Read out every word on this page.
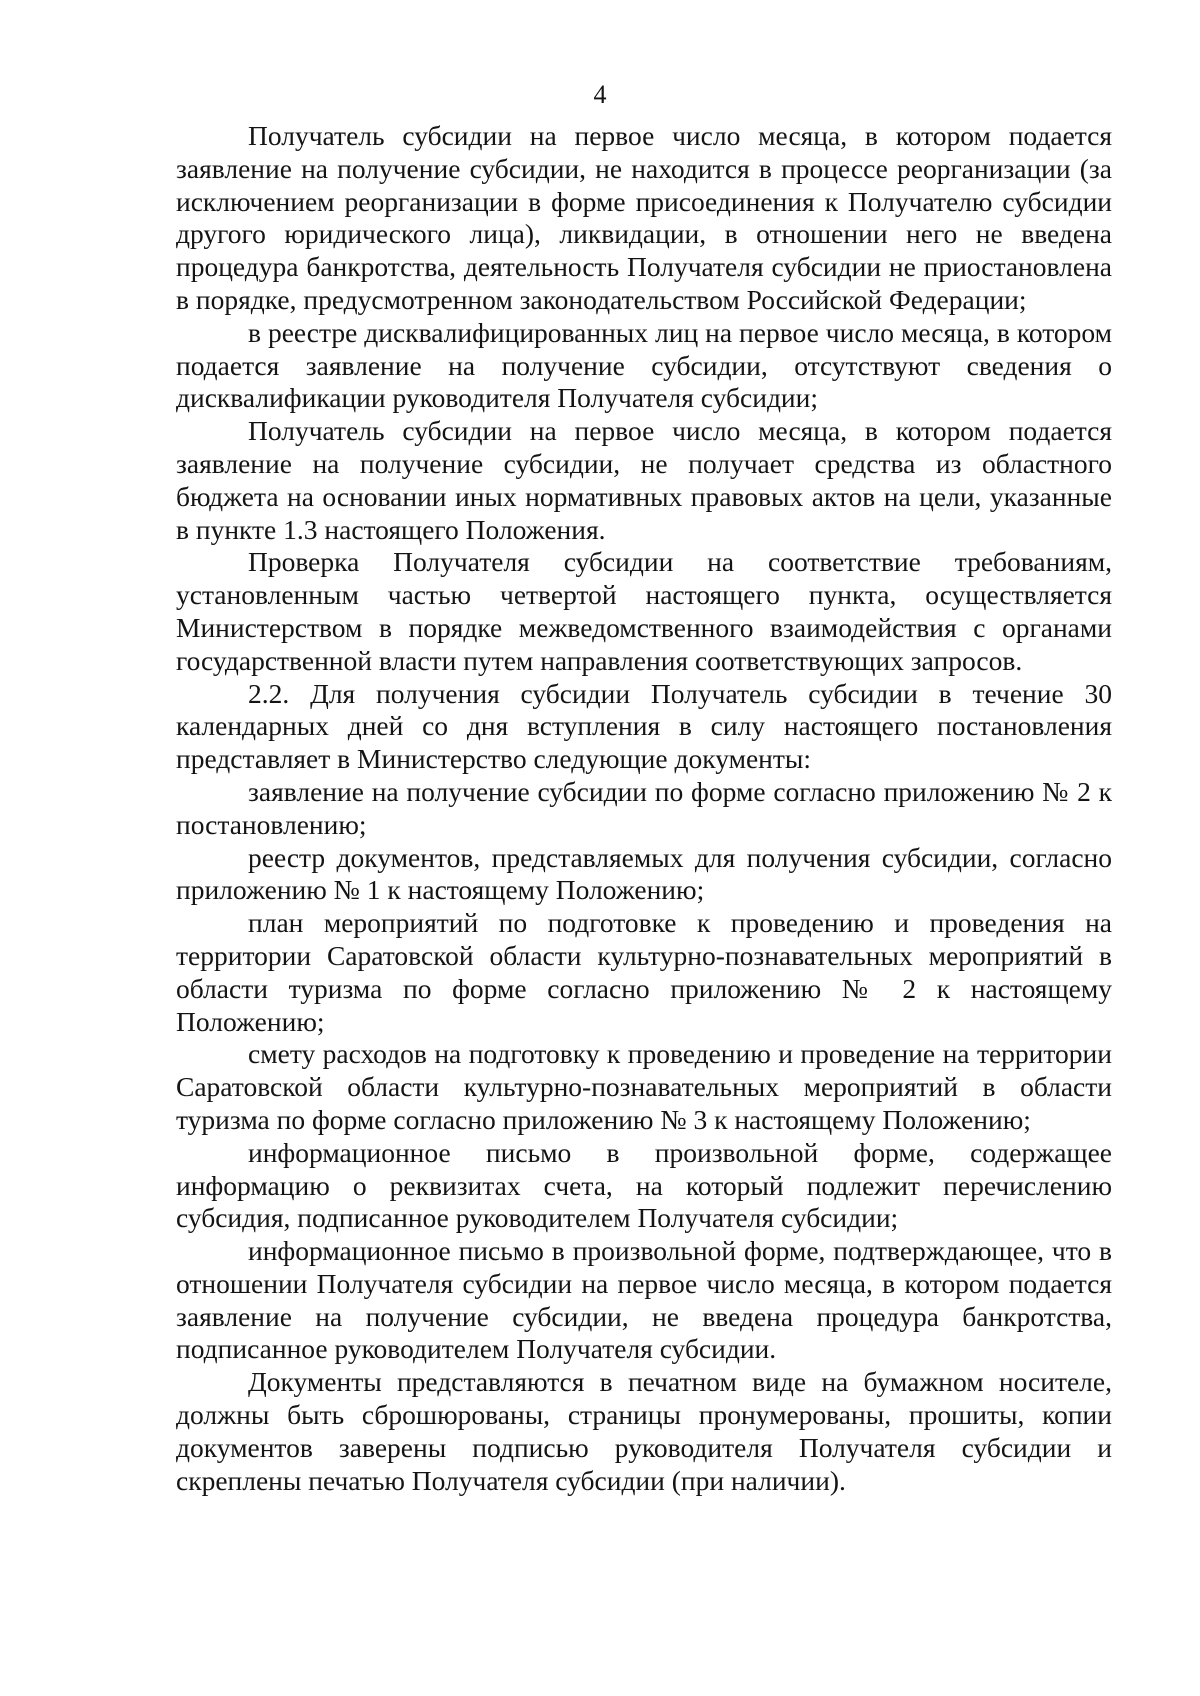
4

Получатель субсидии на первое число месяца, в котором подается заявление на получение субсидии, не находится в процессе реорганизации (за исключением реорганизации в форме присоединения к Получателю субсидии другого юридического лица), ликвидации, в отношении него не введена процедура банкротства, деятельность Получателя субсидии не приостановлена в порядке, предусмотренном законодательством Российской Федерации;

в реестре дисквалифицированных лиц на первое число месяца, в котором подается заявление на получение субсидии, отсутствуют сведения о дисквалификации руководителя Получателя субсидии;

Получатель субсидии на первое число месяца, в котором подается заявление на получение субсидии, не получает средства из областного бюджета на основании иных нормативных правовых актов на цели, указанные в пункте 1.3 настоящего Положения.

Проверка Получателя субсидии на соответствие требованиям, установленным частью четвертой настоящего пункта, осуществляется Министерством в порядке межведомственного взаимодействия с органами государственной власти путем направления соответствующих запросов.

2.2. Для получения субсидии Получатель субсидии в течение 30 календарных дней со дня вступления в силу настоящего постановления представляет в Министерство следующие документы:

заявление на получение субсидии по форме согласно приложению № 2 к постановлению;

реестр документов, представляемых для получения субсидии, согласно приложению № 1 к настоящему Положению;

план мероприятий по подготовке к проведению и проведения на территории Саратовской области культурно-познавательных мероприятий в области туризма по форме согласно приложению № 2 к настоящему Положению;

смету расходов на подготовку к проведению и проведение на территории Саратовской области культурно-познавательных мероприятий в области туризма по форме согласно приложению № 3 к настоящему Положению;

информационное письмо в произвольной форме, содержащее информацию о реквизитах счета, на который подлежит перечислению субсидия, подписанное руководителем Получателя субсидии;

информационное письмо в произвольной форме, подтверждающее, что в отношении Получателя субсидии на первое число месяца, в котором подается заявление на получение субсидии, не введена процедура банкротства, подписанное руководителем Получателя субсидии.

Документы представляются в печатном виде на бумажном носителе, должны быть сброшюрованы, страницы пронумерованы, прошиты, копии документов заверены подписью руководителя Получателя субсидии и скреплены печатью Получателя субсидии (при наличии).
